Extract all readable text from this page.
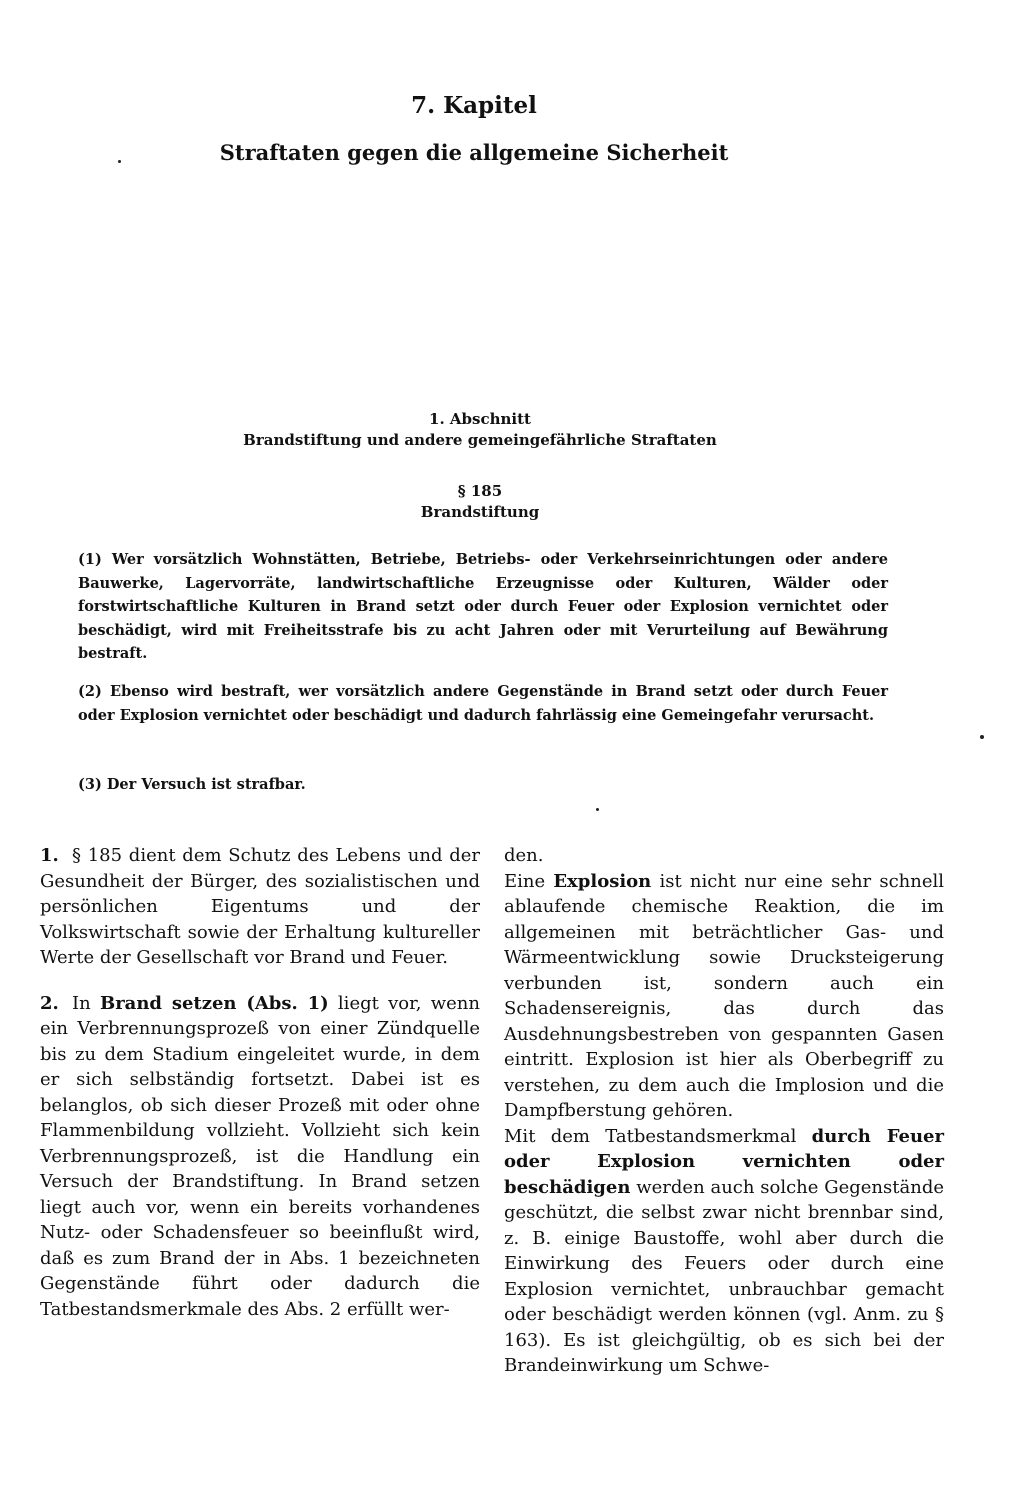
7. Kapitel
Straftaten gegen die allgemeine Sicherheit
1. Abschnitt
Brandstiftung und andere gemeingefährliche Straftaten
§ 185
Brandstiftung
(1) Wer vorsätzlich Wohnstätten, Betriebe, Betriebs- oder Verkehrseinrichtungen oder andere Bauwerke, Lagervorräte, landwirtschaftliche Erzeugnisse oder Kulturen, Wälder oder forstwirtschaftliche Kulturen in Brand setzt oder durch Feuer oder Explosion vernichtet oder beschädigt, wird mit Freiheitsstrafe bis zu acht Jahren oder mit Verurteilung auf Bewährung bestraft.
(2) Ebenso wird bestraft, wer vorsätzlich andere Gegenstände in Brand setzt oder durch Feuer oder Explosion vernichtet oder beschädigt und dadurch fahrlässig eine Gemeingefahr verursacht.
(3) Der Versuch ist strafbar.

1. § 185 dient dem Schutz des Lebens und der Gesundheit der Bürger, des sozialistischen und persönlichen Eigentums und der Volkswirtschaft sowie der Erhaltung kultureller Werte der Gesellschaft vor Brand und Feuer.

2. In Brand setzen (Abs. 1) liegt vor, wenn ein Verbrennungsprozeß von einer Zündquelle bis zu dem Stadium eingeleitet wurde, in dem er sich selbständig fortsetzt. Dabei ist es belanglos, ob sich dieser Prozeß mit oder ohne Flammenbildung vollzieht. Vollzieht sich kein Verbrennungsprozeß, ist die Handlung ein Versuch der Brandstiftung. In Brand setzen liegt auch vor, wenn ein bereits vorhandenes Nutz- oder Schadensfeuer so beeinflußt wird, daß es zum Brand der in Abs. 1 bezeichneten Gegenstände führt oder dadurch die Tatbestandsmerkmale des Abs. 2 erfüllt wer-

den.

Eine Explosion ist nicht nur eine sehr schnell ablaufende chemische Reaktion, die im allgemeinen mit beträchtlicher Gas- und Wärmeentwicklung sowie Drucksteigerung verbunden ist, sondern auch ein Schadensereignis, das durch das Ausdehnungsbestreben von gespannten Gasen eintritt. Explosion ist hier als Oberbegriff zu verstehen, zu dem auch die Implosion und die Dampfberstung gehören.

Mit dem Tatbestandsmerkmal durch Feuer oder Explosion vernichten oder beschädigen werden auch solche Gegenstände geschützt, die selbst zwar nicht brennbar sind, z. B. einige Baustoffe, wohl aber durch die Einwirkung des Feuers oder durch eine Explosion vernichtet, unbrauchbar gemacht oder beschädigt werden können (vgl. Anm. zu § 163). Es ist gleichgültig, ob es sich bei der Brandeinwirkung um Schwe-
